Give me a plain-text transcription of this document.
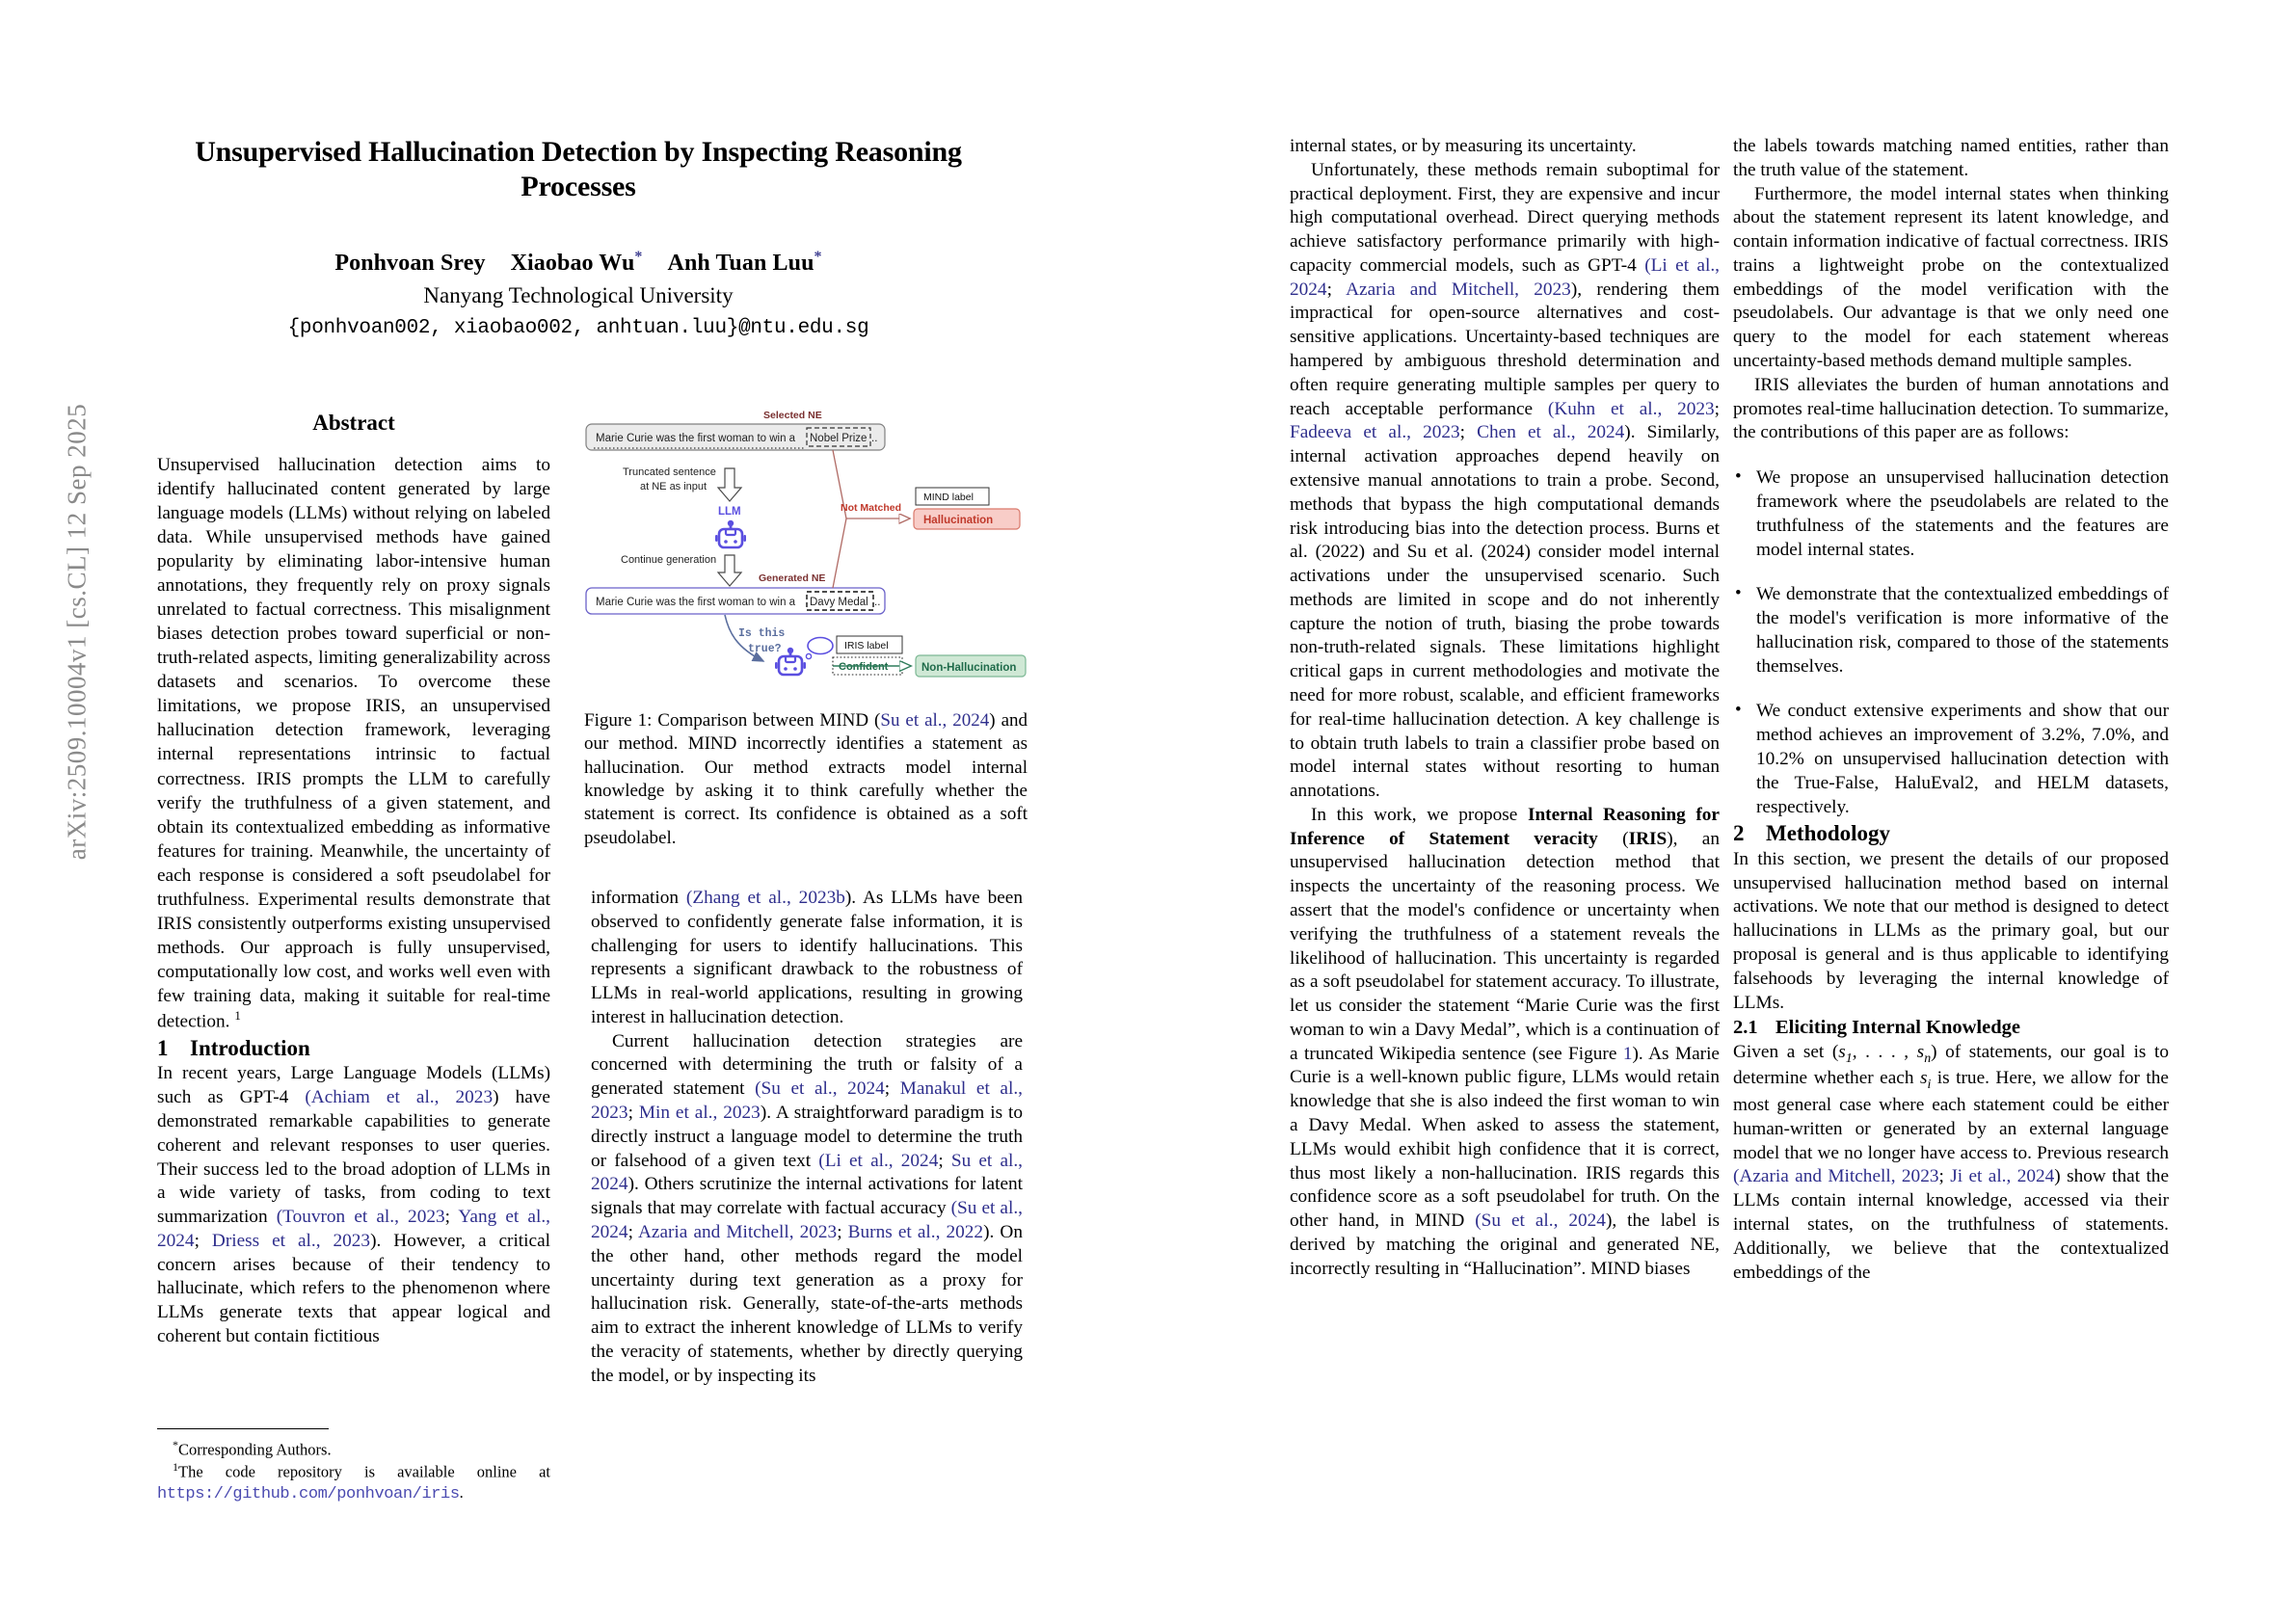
arXiv:2509.10004v1 [cs.CL] 12 Sep 2025
Unsupervised Hallucination Detection by Inspecting Reasoning Processes
Ponhvoan Srey Xiaobao Wu* Anh Tuan Luu*
Nanyang Technological University
{ponhvoan002, xiaobao002, anhtuan.luu}@ntu.edu.sg
Abstract
Unsupervised hallucination detection aims to identify hallucinated content generated by large language models (LLMs) without relying on labeled data. While unsupervised methods have gained popularity by eliminating labor-intensive human annotations, they frequently rely on proxy signals unrelated to factual correctness. This misalignment biases detection probes toward superficial or non-truth-related aspects, limiting generalizability across datasets and scenarios. To overcome these limitations, we propose IRIS, an unsupervised hallucination detection framework, leveraging internal representations intrinsic to factual correctness. IRIS prompts the LLM to carefully verify the truthfulness of a given statement, and obtain its contextualized embedding as informative features for training. Meanwhile, the uncertainty of each response is considered a soft pseudolabel for truthfulness. Experimental results demonstrate that IRIS consistently outperforms existing unsupervised methods. Our approach is fully unsupervised, computationally low cost, and works well even with few training data, making it suitable for real-time detection. $^1$
1 Introduction

In recent years, Large Language Models (LLMs) such as GPT-4 (Achiam et al., 2023) have demonstrated remarkable capabilities to generate coherent and relevant responses to user queries. Their success led to the broad adoption of LLMs in a wide variety of tasks, from coding to text summarization (Touvron et al., 2023; Yang et al., 2024; Driess et al., 2023). However, a critical concern arises because of their tendency to hallucinate, which refers to the phenomenon where LLMs generate texts that appear logical and coherent but contain fictitious

*Corresponding Authors.
$^1$The code repository is available online at https://github.com/ponhvoan/iris.
Selected NE
Marie Curie was the first woman to win a Nobel Prize ..
Truncated sentence
at NE as input
LLM
Continue generation
Generated NE
Marie Curie was the first woman to win a Davy Medal ..
Not Matched
MIND label
Hallucination
Is this
true?	IRIS label
Confident	Non-Hallucination
Figure 1: Comparison between MIND (Su et al., 2024) and our method. MIND incorrectly identifies a statement as hallucination. Our method extracts model internal knowledge by asking it to think carefully whether the statement is correct. Its confidence is obtained as a soft pseudolabel.

information (Zhang et al., 2023b). As LLMs have been observed to confidently generate false information, it is challenging for users to identify hallucinations. This represents a significant drawback to the robustness of LLMs in real-world applications, resulting in growing interest in hallucination detection.

Current hallucination detection strategies are concerned with determining the truth or falsity of a generated statement (Su et al., 2024; Manakul et al., 2023; Min et al., 2023). A straightforward paradigm is to directly instruct a language model to determine the truth or falsehood of a given text (Li et al., 2024; Su et al., 2024). Others scrutinize the internal activations for latent signals that may correlate with factual accuracy (Su et al., 2024; Azaria and Mitchell, 2023; Burns et al., 2022). On the other hand, other methods regard the model uncertainty during text generation as a proxy for hallucination risk. Generally, state-of-the-arts methods aim to extract the inherent knowledge of LLMs to verify the veracity of statements, whether by directly querying the model, or by inspecting its

internal states, or by measuring its uncertainty.

Unfortunately, these methods remain suboptimal for practical deployment. First, they are expensive and incur high computational overhead. Direct querying methods achieve satisfactory performance primarily with high-capacity commercial models, such as GPT-4 (Li et al., 2024; Azaria and Mitchell, 2023), rendering them impractical for open-source alternatives and cost-sensitive applications. Uncertainty-based techniques are hampered by ambiguous threshold determination and often require generating multiple samples per query to reach acceptable performance (Kuhn et al., 2023; Fadeeva et al., 2023; Chen et al., 2024). Similarly, internal activation approaches depend heavily on extensive manual annotations to train a probe. Second, methods that bypass the high computational demands risk introducing bias into the detection process. Burns et al. (2022) and Su et al. (2024) consider model internal activations under the unsupervised scenario. Such methods are limited in scope and do not inherently capture the notion of truth, biasing the probe towards non-truth-related signals. These limitations highlight critical gaps in current methodologies and motivate the need for more robust, scalable, and efficient frameworks for real-time hallucination detection. A key challenge is to obtain truth labels to train a classifier probe based on model internal states without resorting to human annotations.

In this work, we propose Internal Reasoning for Inference of Statement veracity (IRIS), an unsupervised hallucination detection method that inspects the uncertainty of the reasoning process. We assert that the model's confidence or uncertainty when verifying the truthfulness of a statement reveals the likelihood of hallucination. This uncertainty is regarded as a soft pseudolabel for statement accuracy. To illustrate, let us consider the statement “Marie Curie was the first woman to win a Davy Medal”, which is a continuation of a truncated Wikipedia sentence (see Figure 1). As Marie Curie is a well-known public figure, LLMs would retain knowledge that she is also indeed the first woman to win a Davy Medal. When asked to assess the statement, LLMs would exhibit high confidence that it is correct, thus most likely a non-hallucination. IRIS regards this confidence score as a soft pseudolabel for truth. On the other hand, in MIND (Su et al., 2024), the label is derived by matching the original and generated NE, incorrectly resulting in “Hallucination”. MIND biases

the labels towards matching named entities, rather than the truth value of the statement.

Furthermore, the model internal states when thinking about the statement represent its latent knowledge, and contain information indicative of factual correctness. IRIS trains a lightweight probe on the contextualized embeddings of the model verification with the pseudolabels. Our advantage is that we only need one query to the model for each statement whereas uncertainty-based methods demand multiple samples.

IRIS alleviates the burden of human annotations and promotes real-time hallucination detection. To summarize, the contributions of this paper are as follows:

• We propose an unsupervised hallucination detection framework where the pseudolabels are related to the truthfulness of the statements and the features are model internal states.
• We demonstrate that the contextualized embeddings of the model's verification is more informative of the hallucination risk, compared to those of the statements themselves.
• We conduct extensive experiments and show that our method achieves an improvement of 3.2%, 7.0%, and 10.2% on unsupervised hallucination detection with the True-False, HaluEval2, and HELM datasets, respectively.
2 Methodology

In this section, we present the details of our proposed unsupervised hallucination method based on internal activations. We note that our method is designed to detect hallucinations in LLMs as the primary goal, but our proposal is general and is thus applicable to identifying falsehoods by leveraging the internal knowledge of LLMs.

2.1 Eliciting Internal Knowledge

Given a set ($s_1$, . . . , $s_n$) of statements, our goal is to determine whether each $s_i$ is true. Here, we allow for the most general case where each statement could be either human-written or generated by an external language model that we no longer have access to. Previous research (Azaria and Mitchell, 2023; Ji et al., 2024) show that the LLMs contain internal knowledge, accessed via their internal states, on the truthfulness of statements. Additionally, we believe that the contextualized embeddings of the
